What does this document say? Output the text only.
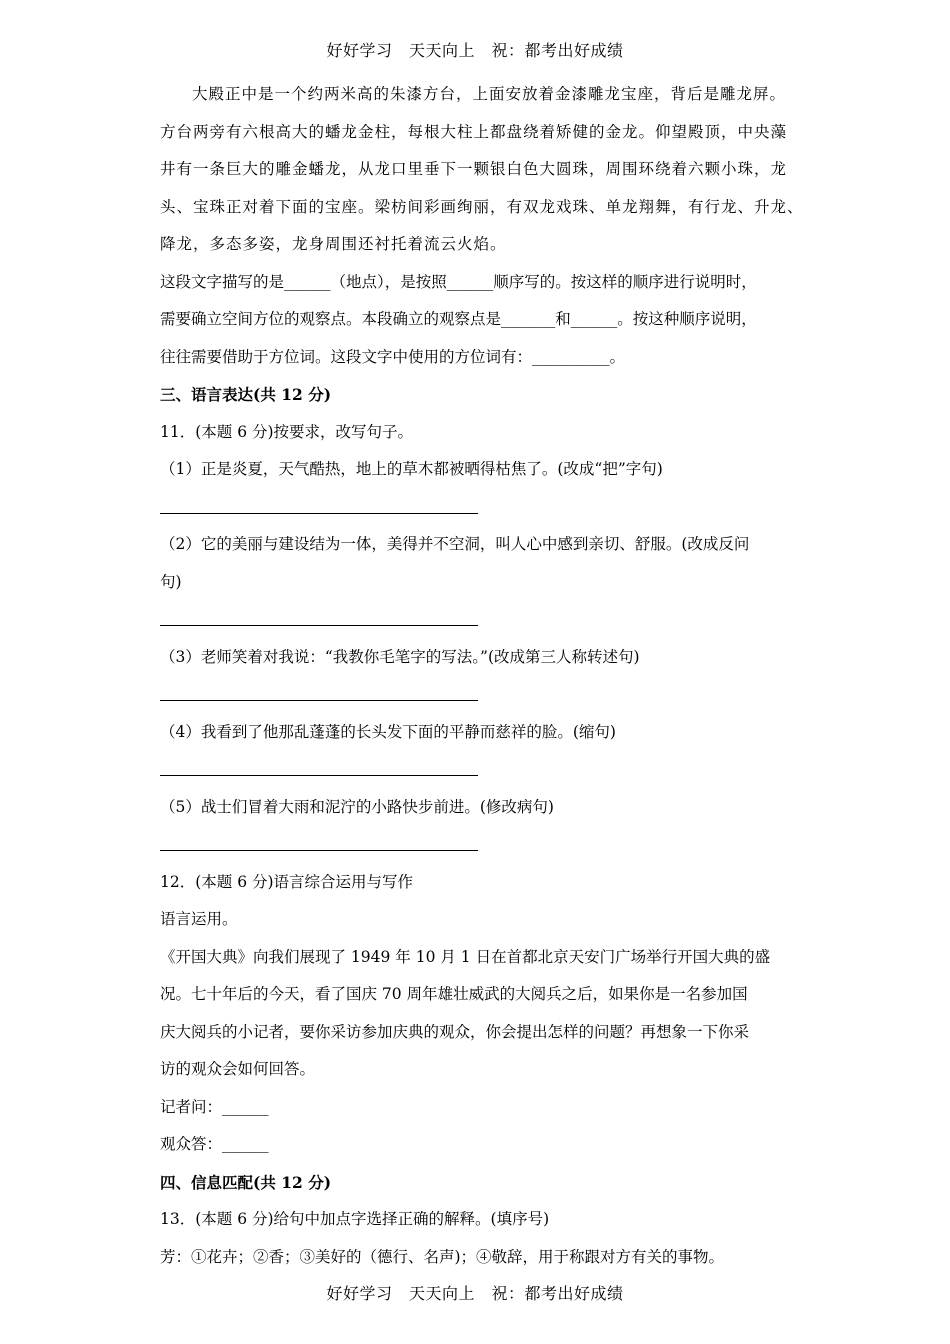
好好学习　天天向上　祝：都考出好成绩
大殿正中是一个约两米高的朱漆方台，上面安放着金漆雕龙宝座，背后是雕龙屏。
方台两旁有六根高大的蟠龙金柱，每根大柱上都盘绕着矫健的金龙。仰望殿顶，中央藻
井有一条巨大的雕金蟠龙，从龙口里垂下一颗银白色大圆珠，周围环绕着六颗小珠，龙
头、宝珠正对着下面的宝座。梁枋间彩画绚丽，有双龙戏珠、单龙翔舞，有行龙、升龙、
降龙，多态多姿，龙身周围还衬托着流云火焰。
这段文字描写的是______（地点），是按照______顺序写的。按这样的顺序进行说明时，
需要确立空间方位的观察点。本段确立的观察点是_______和______。按这种顺序说明，
往往需要借助于方位词。这段文字中使用的方位词有：__________。
三、语言表达(共 12 分)
11．(本题 6 分)按要求，改写句子。
（1）正是炎夏，天气酷热，地上的草木都被晒得枯焦了。(改成“把”字句)
（2）它的美丽与建设结为一体，美得并不空洞，叫人心中感到亲切、舒服。(改成反问
句)
（3）老师笑着对我说：“我教你毛笔字的写法。”(改成第三人称转述句)
（4）我看到了他那乱蓬蓬的长头发下面的平静而慈祥的脸。(缩句)
（5）战士们冒着大雨和泥泞的小路快步前进。(修改病句)
12．(本题 6 分)语言综合运用与写作
语言运用。
《开国大典》向我们展现了 1949 年 10 月 1 日在首都北京天安门广场举行开国大典的盛
况。七十年后的今天，看了国庆 70 周年雄壮威武的大阅兵之后，如果你是一名参加国
庆大阅兵的小记者，要你采访参加庆典的观众，你会提出怎样的问题？再想象一下你采
访的观众会如何回答。
记者问：______
观众答：______
四、信息匹配(共 12 分)
13．(本题 6 分)给句中加点字选择正确的解释。(填序号)
芳：①花卉；②香；③美好的（德行、名声)；④敬辞，用于称跟对方有关的事物。
好好学习　天天向上　祝：都考出好成绩
